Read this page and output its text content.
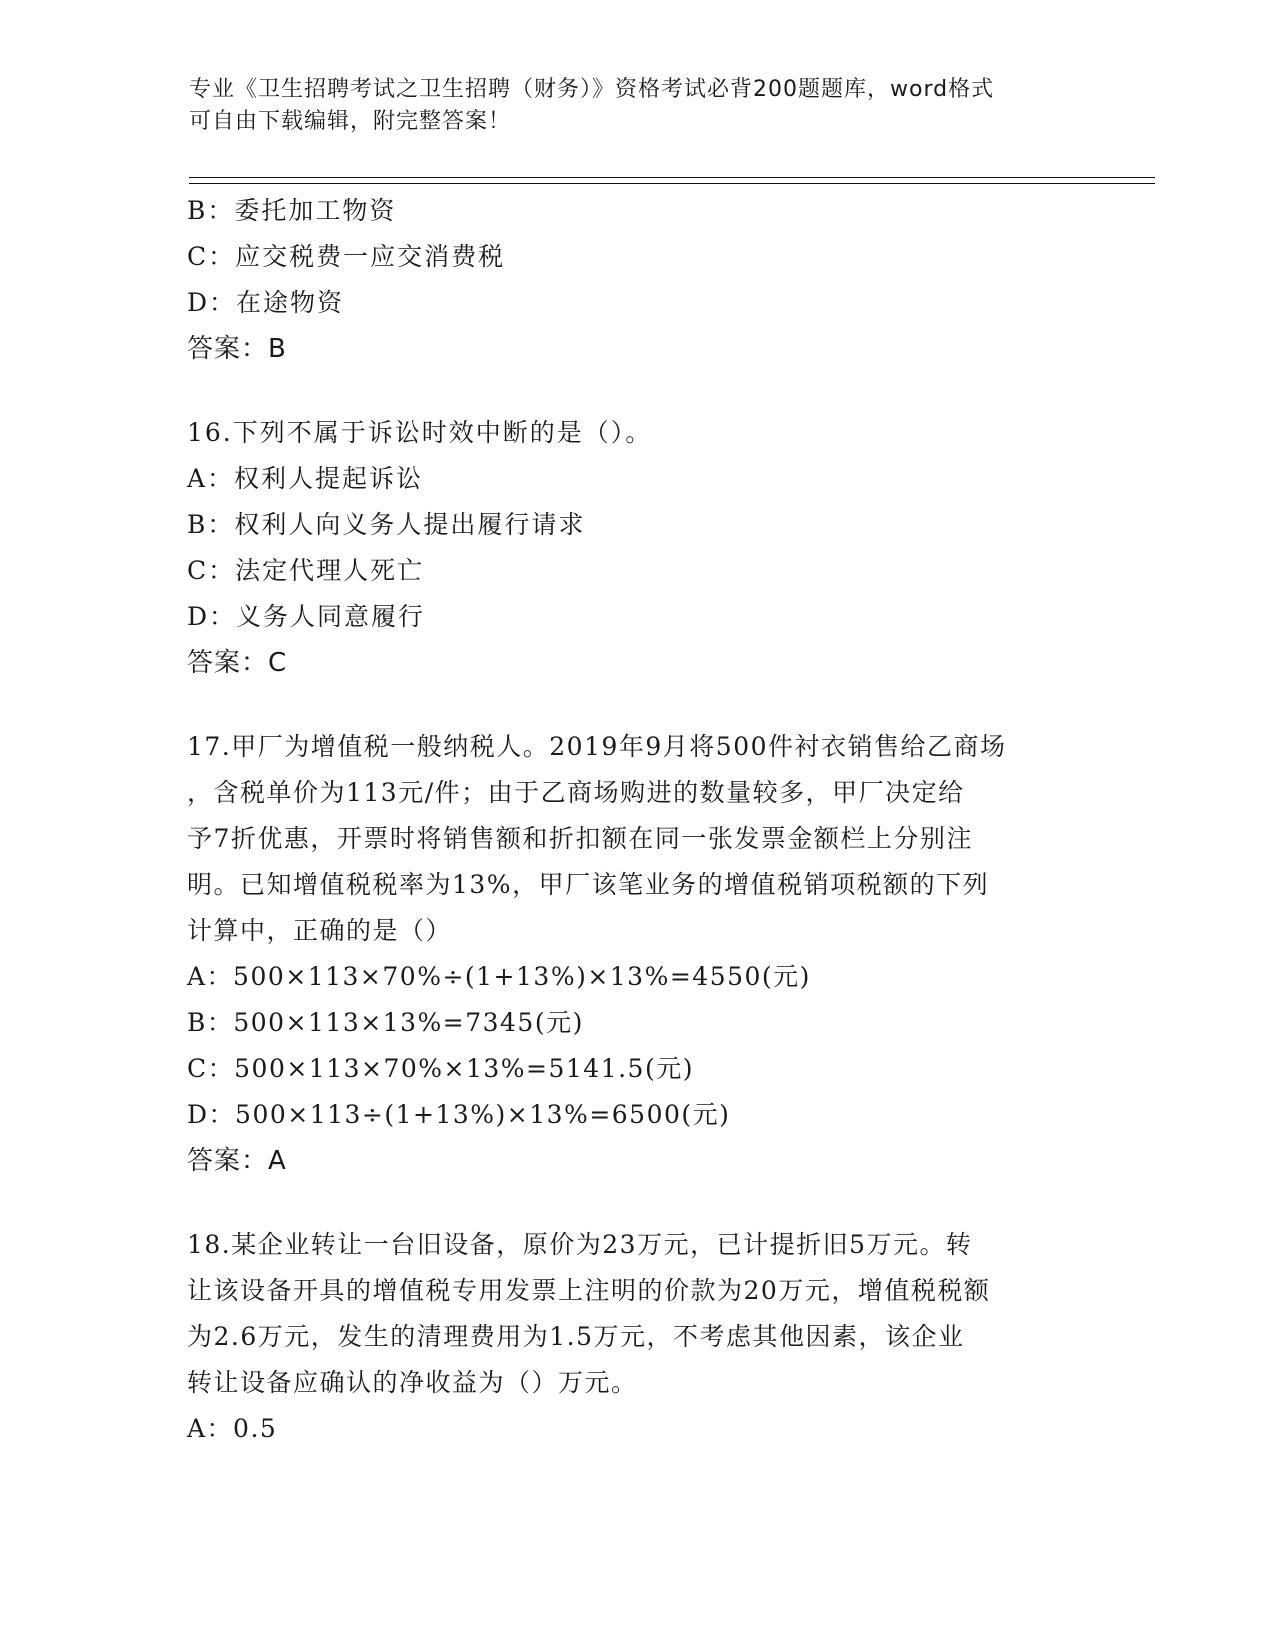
专业《卫生招聘考试之卫生招聘（财务）》资格考试必背200题题库，word格式
可自由下载编辑，附完整答案！
B：委托加工物资
C：应交税费一应交消费税
D：在途物资
答案：B
16.下列不属于诉讼时效中断的是（）。
A：权利人提起诉讼
B：权利人向义务人提出履行请求
C：法定代理人死亡
D：义务人同意履行
答案：C
17.甲厂为增值税一般纳税人。2019年9月将500件衬衣销售给乙商场
，含税单价为113元/件；由于乙商场购进的数量较多，甲厂决定给
予7折优惠，开票时将销售额和折扣额在同一张发票金额栏上分别注
明。已知增值税税率为13%，甲厂该笔业务的增值税销项税额的下列
计算中，正确的是（）
A：500×113×70%÷(1+13%)×13%=4550(元)
B：500×113×13%=7345(元)
C：500×113×70%×13%=5141.5(元)
D：500×113÷(1+13%)×13%=6500(元)
答案：A
18.某企业转让一台旧设备，原价为23万元，已计提折旧5万元。转
让该设备开具的增值税专用发票上注明的价款为20万元，增值税税额
为2.6万元，发生的清理费用为1.5万元，不考虑其他因素，该企业
转让设备应确认的净收益为（）万元。
A：0.5
